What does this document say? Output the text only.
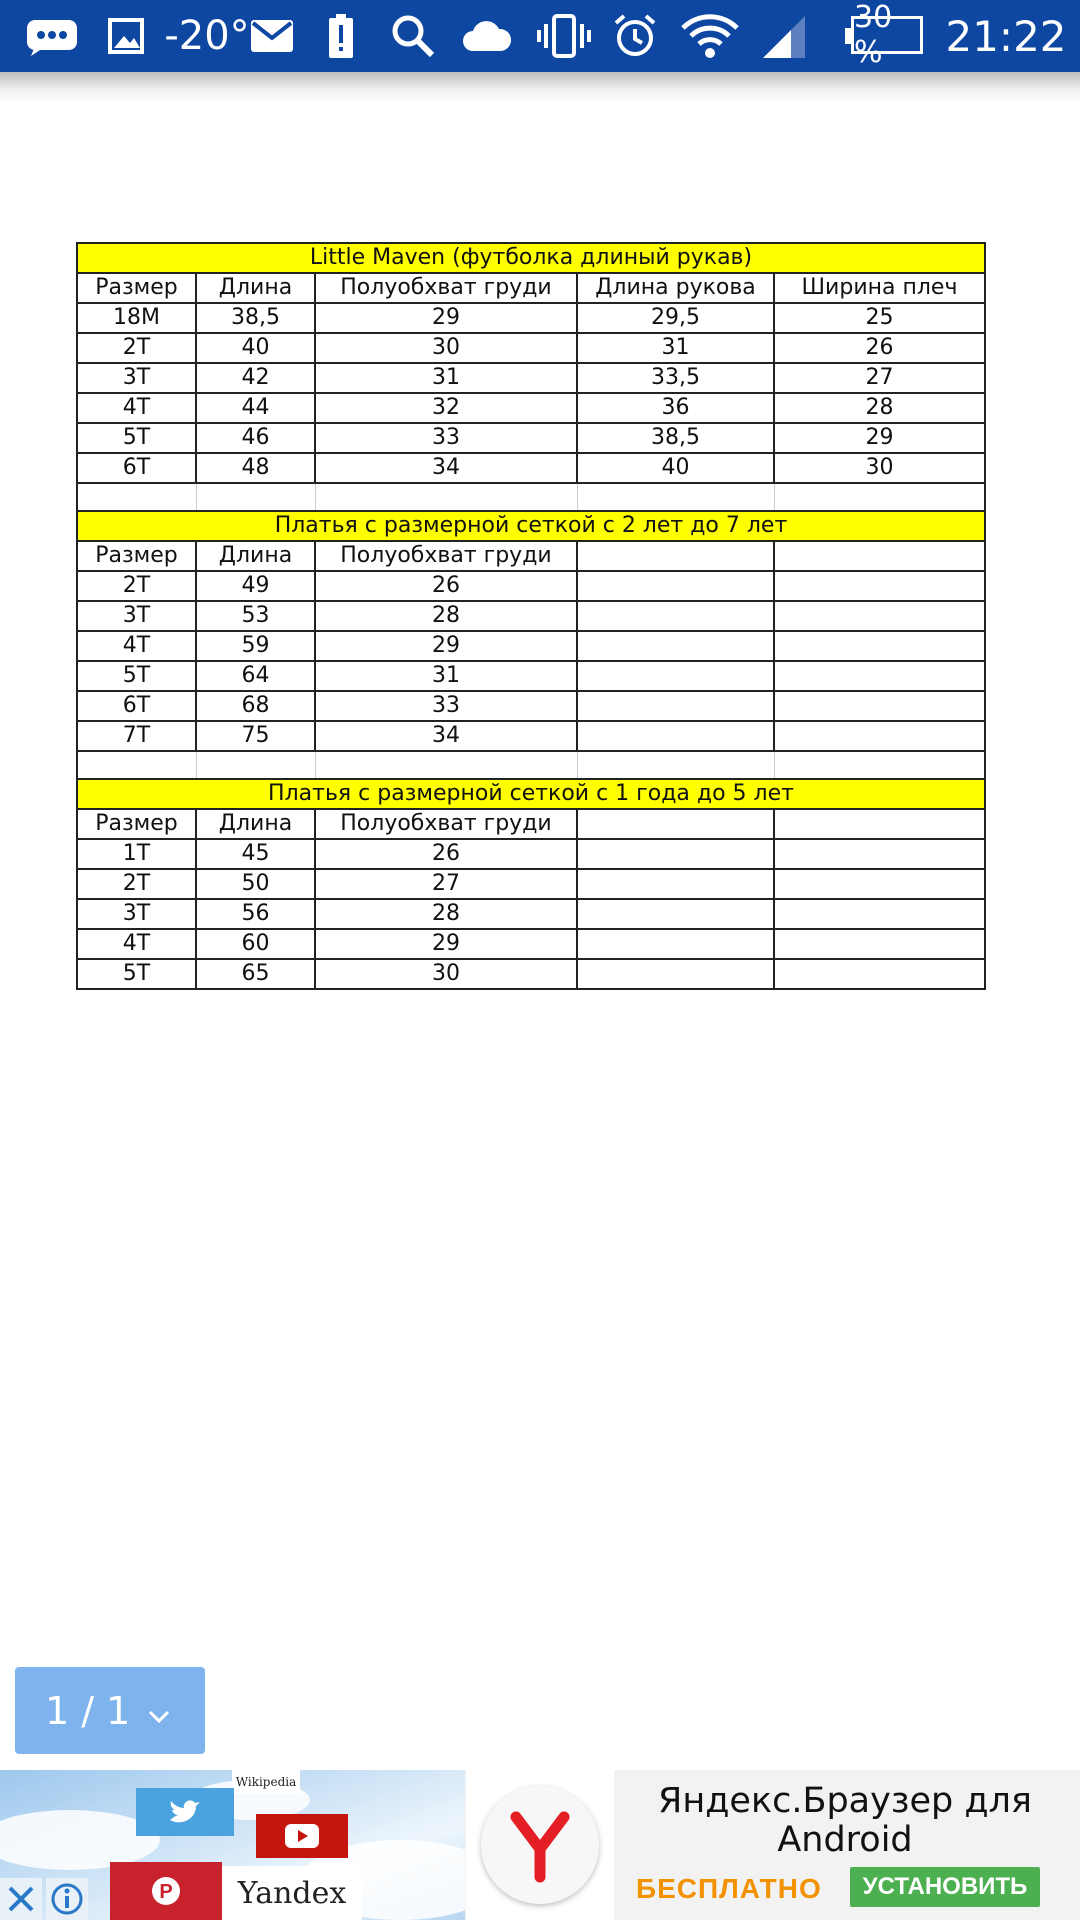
-20°	30 %	21:22
Little Maven (футболка длиный рукав)				
Размер	Длина	Полуобхват груди	Длина рукова	Ширина плеч
18M	38,5	29	29,5	25
2T	40	30	31	26
3T	42	31	33,5	27
4T	44	32	36	28
5T	46	33	38,5	29
6T	48	34	40	30

Платья с размерной сеткой с 2 лет до 7 лет				
Размер	Длина	Полуобхват груди		
2T	49	26		
3T	53	28		
4T	59	29		
5T	64	31		
6T	68	33		
7T	75	34		

Платья с размерной сеткой с 1 года до 5 лет				
Размер	Длина	Полуобхват груди		
1T	45	26		
2T	50	27		
3T	56	28		
4T	60	29		
5T	65	30		
1 / 1
Wikipedia
P	Yandex
Яндекс.Браузер для Android
БЕСПЛАТНО	УСТАНОВИТЬ
